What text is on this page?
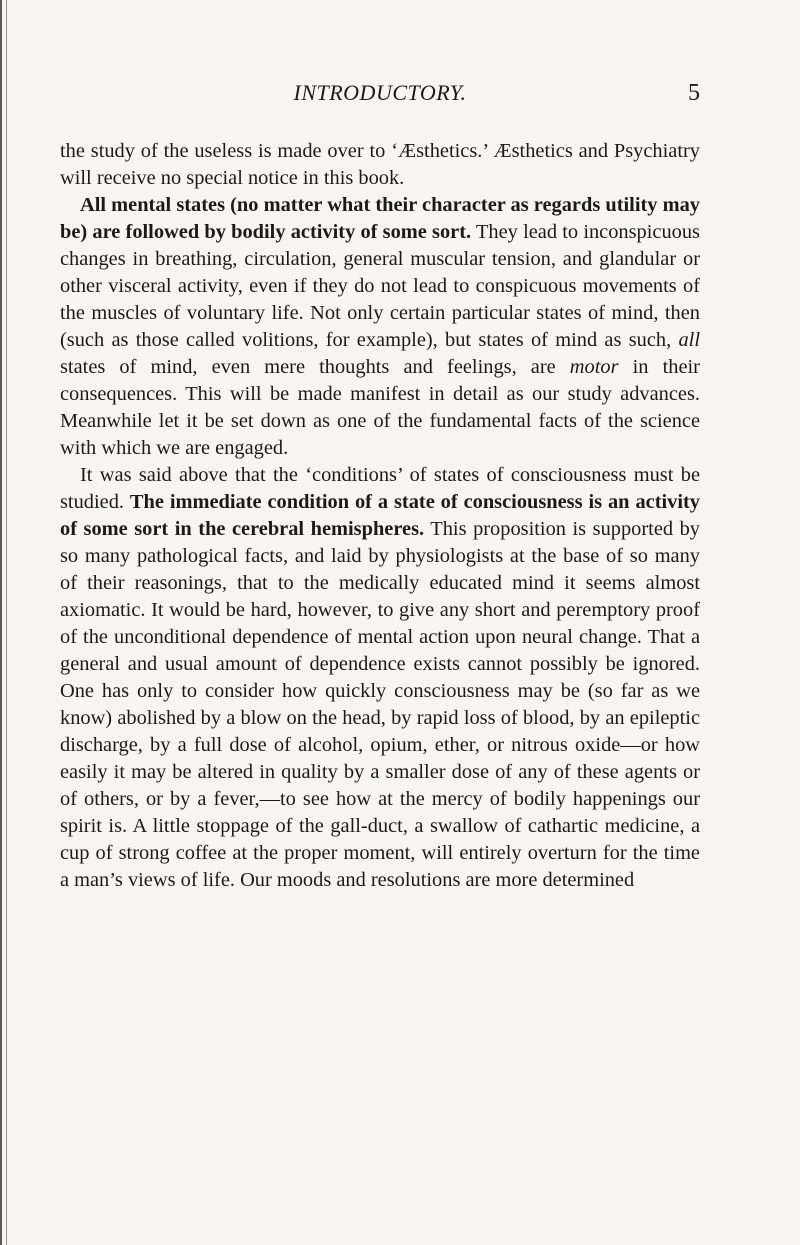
INTRODUCTORY.	5

the study of the useless is made over to ‘Æsthetics.’ Æsthetics and Psychiatry will receive no special notice in this book.

All mental states (no matter what their character as regards utility may be) are followed by bodily activity of some sort. They lead to inconspicuous changes in breathing, circulation, general muscular tension, and glandular or other visceral activity, even if they do not lead to conspicuous movements of the muscles of voluntary life. Not only certain particular states of mind, then (such as those called volitions, for example), but states of mind as such, all states of mind, even mere thoughts and feelings, are motor in their consequences. This will be made manifest in detail as our study advances. Meanwhile let it be set down as one of the fundamental facts of the science with which we are engaged.

It was said above that the ‘conditions’ of states of consciousness must be studied. The immediate condition of a state of consciousness is an activity of some sort in the cerebral hemispheres. This proposition is supported by so many pathological facts, and laid by physiologists at the base of so many of their reasonings, that to the medically educated mind it seems almost axiomatic. It would be hard, however, to give any short and peremptory proof of the unconditional dependence of mental action upon neural change. That a general and usual amount of dependence exists cannot possibly be ignored. One has only to consider how quickly consciousness may be (so far as we know) abolished by a blow on the head, by rapid loss of blood, by an epileptic discharge, by a full dose of alcohol, opium, ether, or nitrous oxide—or how easily it may be altered in quality by a smaller dose of any of these agents or of others, or by a fever,—to see how at the mercy of bodily happenings our spirit is. A little stoppage of the gall-duct, a swallow of cathartic medicine, a cup of strong coffee at the proper moment, will entirely overturn for the time a man’s views of life. Our moods and resolutions are more determined
